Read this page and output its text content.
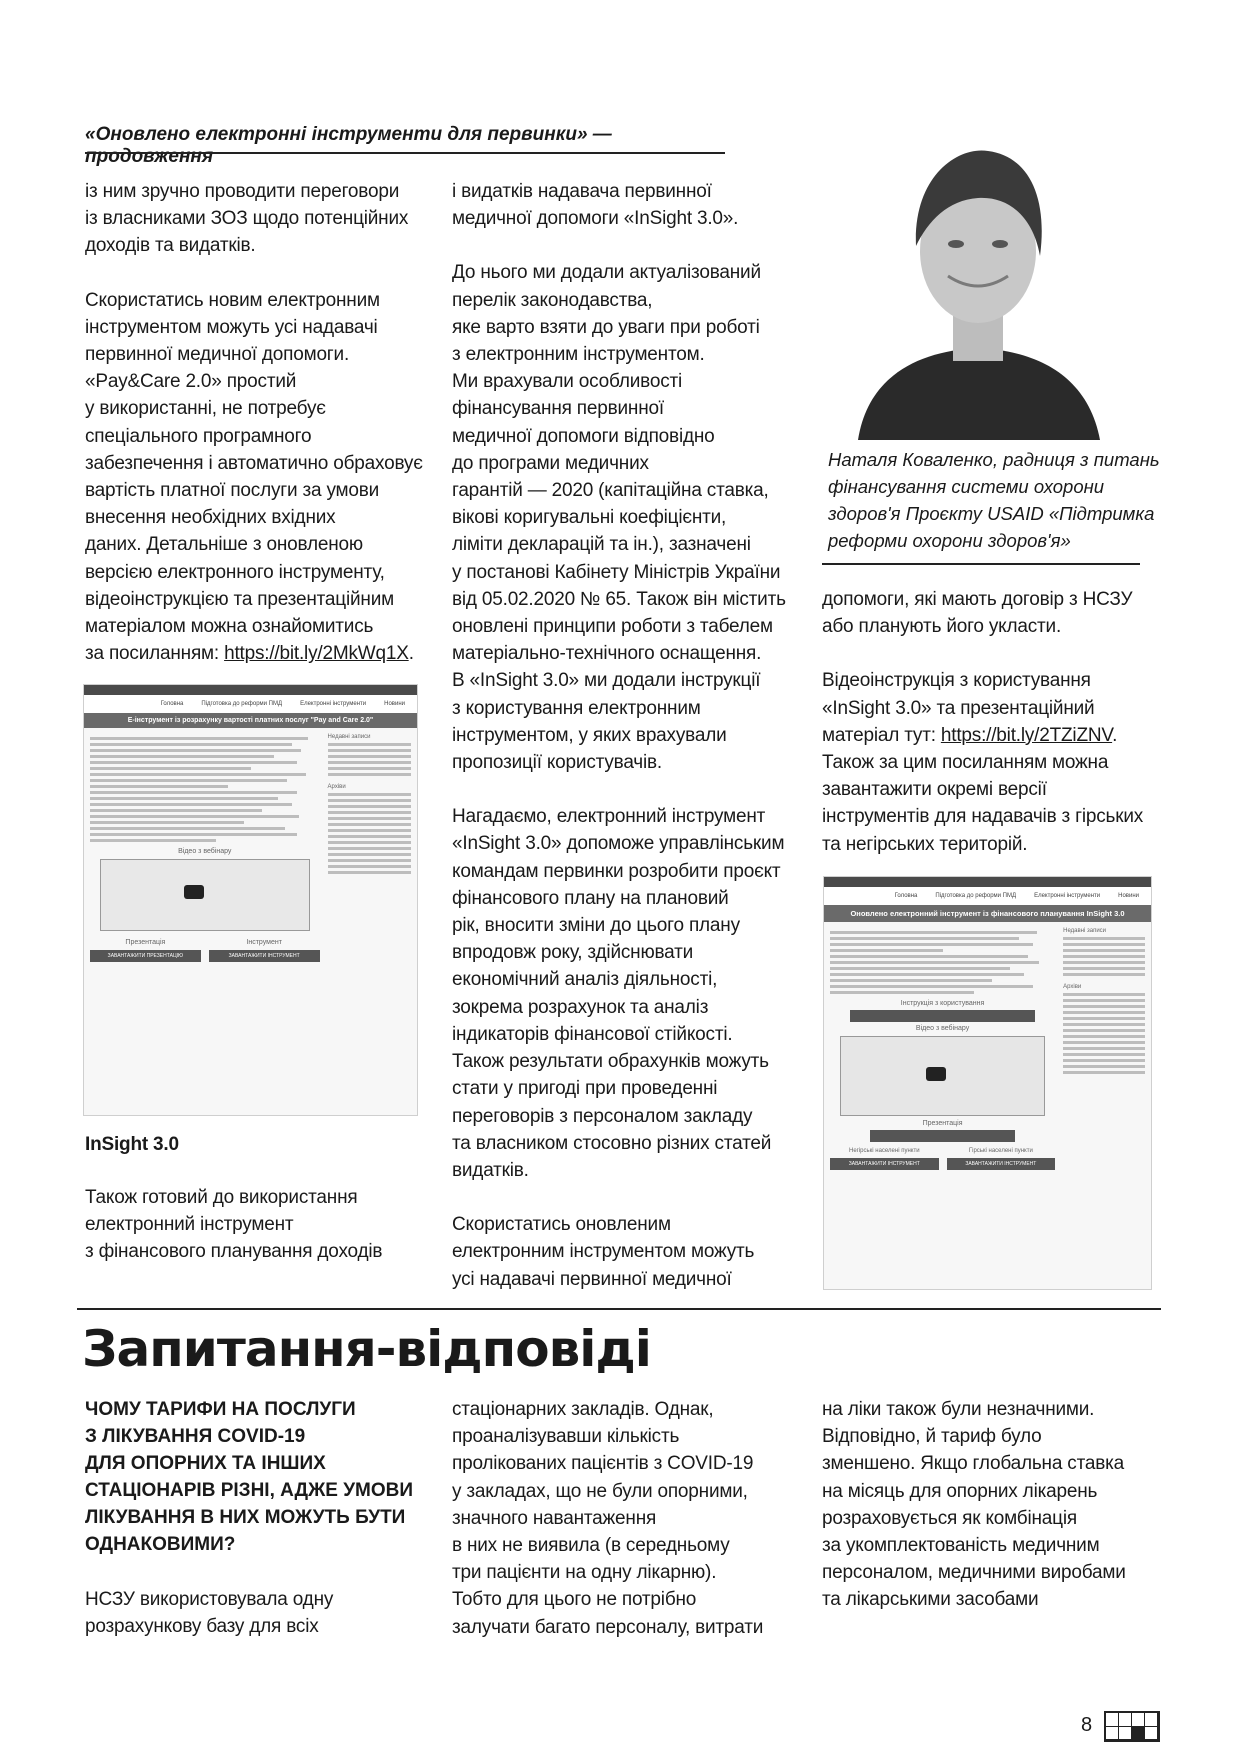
«Оновлено електронні інструменти для первинки» — продовження

із ним зручно проводити переговори
із власниками ЗОЗ щодо потенційних
доходів та видатків.

Скористатись новим електронним
інструментом можуть усі надавачі
первинної медичної допомоги.
«Pay&Care 2.0» простий
у використанні, не потребує
спеціального програмного
забезпечення і автоматично обраховує
вартість платної послуги за умови
внесення необхідних вхідних
даних. Детальніше з оновленою
версією електронного інструменту,
відеоінструкцією та презентаційним
матеріалом можна ознайомитись
за посиланням: https://bit.ly/2MkWq1X.

Головна	Підготовка до реформи ПМД	Електронні інструменти	Новини
Е-інструмент із розрахунку вартості платних послуг "Pay and Care 2.0"
Відео з вебінару
Презентація
ЗАВАНТАЖИТИ ПРЕЗЕНТАЦІЮ
Інструмент
ЗАВАНТАЖИТИ ІНСТРУМЕНТ
Недавні записи
Архіви
InSight 3.0
Також готовий до використання
електронний інструмент
з фінансового планування доходів

і видатків надавача первинної
медичної допомоги «InSight 3.0».

До нього ми додали актуалізований
перелік законодавства,
яке варто взяти до уваги при роботі
з електронним інструментом.
Ми врахували особливості
фінансування первинної
медичної допомоги відповідно
до програми медичних
гарантій — 2020 (капітаційна ставка,
вікові коригувальні коефіцієнти,
ліміти декларацій та ін.), зазначені
у постанові Кабінету Міністрів України
від 05.02.2020 № 65. Також він містить
оновлені принципи роботи з табелем
матеріально-технічного оснащення.
В «InSight 3.0» ми додали інструкції
з користування електронним
інструментом, у яких врахували
пропозиції користувачів.

Нагадаємо, електронний інструмент
«InSight 3.0» допоможе управлінським
командам первинки розробити проєкт
фінансового плану на плановий
рік, вносити зміни до цього плану
впродовж року, здійснювати
економічний аналіз діяльності,
зокрема розрахунок та аналіз
індикаторів фінансової стійкості.
Також результати обрахунків можуть
стати у пригоді при проведенні
переговорів з персоналом закладу
та власником стосовно різних статей
видатків.

Скористатись оновленим
електронним інструментом можуть
усі надавачі первинної медичної

Наталя Коваленко, радниця з питань
фінансування системи охорони
здоров'я Проєкту USAID «Підтримка
реформи охорони здоров'я»

допомоги, які мають договір з НСЗУ
або планують його укласти.

Відеоінструкція з користування
«InSight 3.0» та презентаційний
матеріал тут: https://bit.ly/2TZiZNV.
Також за цим посиланням можна
завантажити окремі версії
інструментів для надавачів з гірських
та негірських територій.

Головна	Підготовка до реформи ПМД	Електронні інструменти	Новини
Оновлено електронний інструмент із фінансового планування InSight 3.0
Інструкція з користування

Відео з вебінару
Презентація

Негірські населені пункти
ЗАВАНТАЖИТИ ІНСТРУМЕНТ
Гірські населені пункти
ЗАВАНТАЖИТИ ІНСТРУМЕНТ
Недавні записи
Архіви
Запитання-відповіді
ЧОМУ ТАРИФИ НА ПОСЛУГИ
З ЛІКУВАННЯ COVID-19
ДЛЯ ОПОРНИХ ТА ІНШИХ
СТАЦІОНАРІВ РІЗНІ, АДЖЕ УМОВИ
ЛІКУВАННЯ В НИХ МОЖУТЬ БУТИ
ОДНАКОВИМИ?
НСЗУ використовувала одну
розрахункову базу для всіх
стаціонарних закладів. Однак,
проаналізувавши кількість
пролікованих пацієнтів з COVID-19
у закладах, що не були опорними,
значного навантаження
в них не виявила (в середньому
три пацієнти на одну лікарню).
Тобто для цього не потрібно
залучати багато персоналу, витрати
на ліки також були незначними.
Відповідно, й тариф було
зменшено. Якщо глобальна ставка
на місяць для опорних лікарень
розраховується як комбінація
за укомплектованість медичним
персоналом, медичними виробами
та лікарськими засобами
8
